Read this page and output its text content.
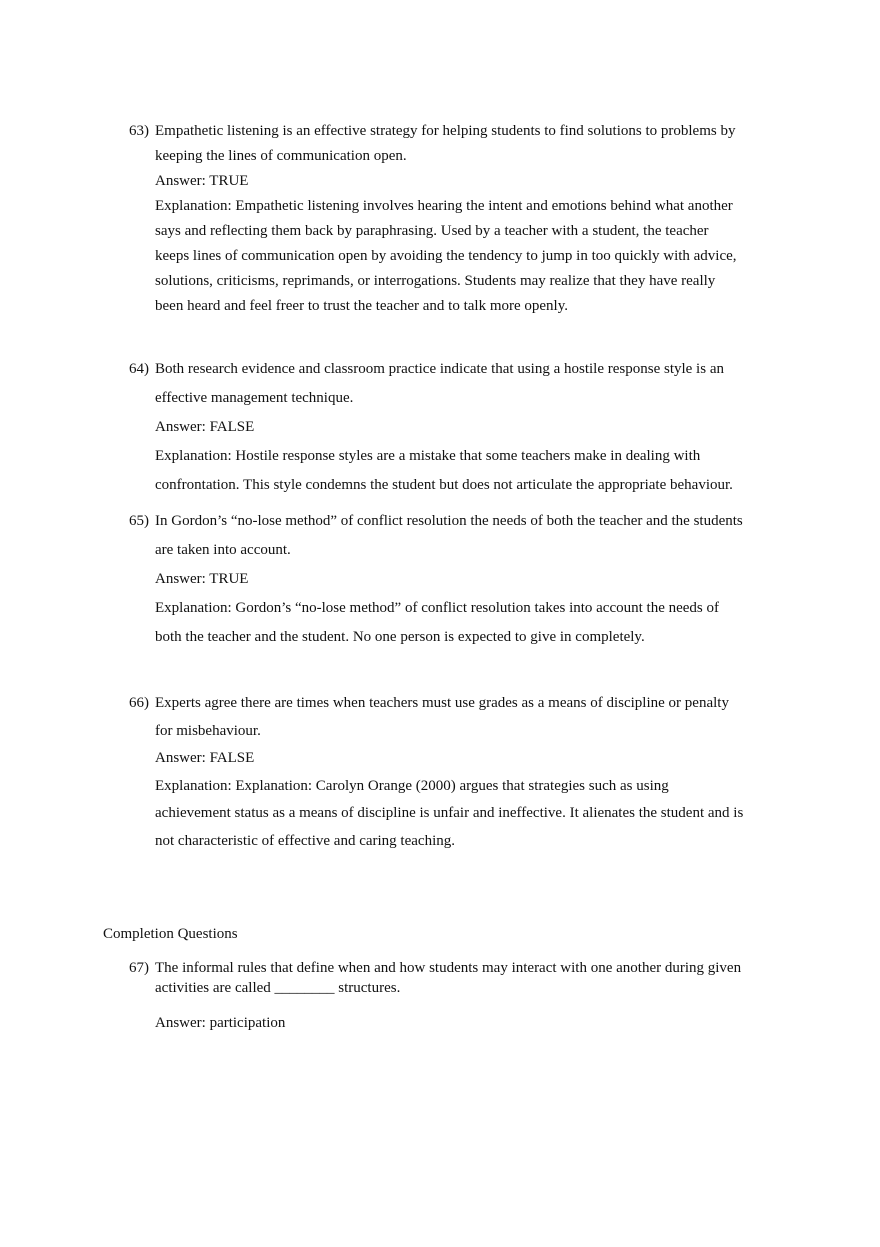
63) Empathetic listening is an effective strategy for helping students to find solutions to problems by
keeping the lines of communication open.
Answer: TRUE
Explanation: Empathetic listening involves hearing the intent and emotions behind what another
says and reflecting them back by paraphrasing. Used by a teacher with a student, the teacher
keeps lines of communication open by avoiding the tendency to jump in too quickly with advice,
solutions, criticisms, reprimands, or interrogations. Students may realize that they have really
been heard and feel freer to trust the teacher and to talk more openly.
64) Both research evidence and classroom practice indicate that using a hostile response style is an
effective management technique.
Answer: FALSE
Explanation: Hostile response styles are a mistake that some teachers make in dealing with
confrontation. This style condemns the student but does not articulate the appropriate behaviour.
65) In Gordon’s “no-lose method” of conflict resolution the needs of both the teacher and the students
are taken into account.
Answer: TRUE
Explanation: Gordon’s “no-lose method” of conflict resolution takes into account the needs of
both the teacher and the student. No one person is expected to give in completely.
66) Experts agree there are times when teachers must use grades as a means of discipline or penalty
for misbehaviour.
Answer: FALSE
Explanation: Explanation: Carolyn Orange (2000) argues that strategies such as using
achievement status as a means of discipline is unfair and ineffective. It alienates the student and is
not characteristic of effective and caring teaching.
Completion Questions
67) The informal rules that define when and how students may interact with one another during given
activities are called ________ structures.
Answer: participation
